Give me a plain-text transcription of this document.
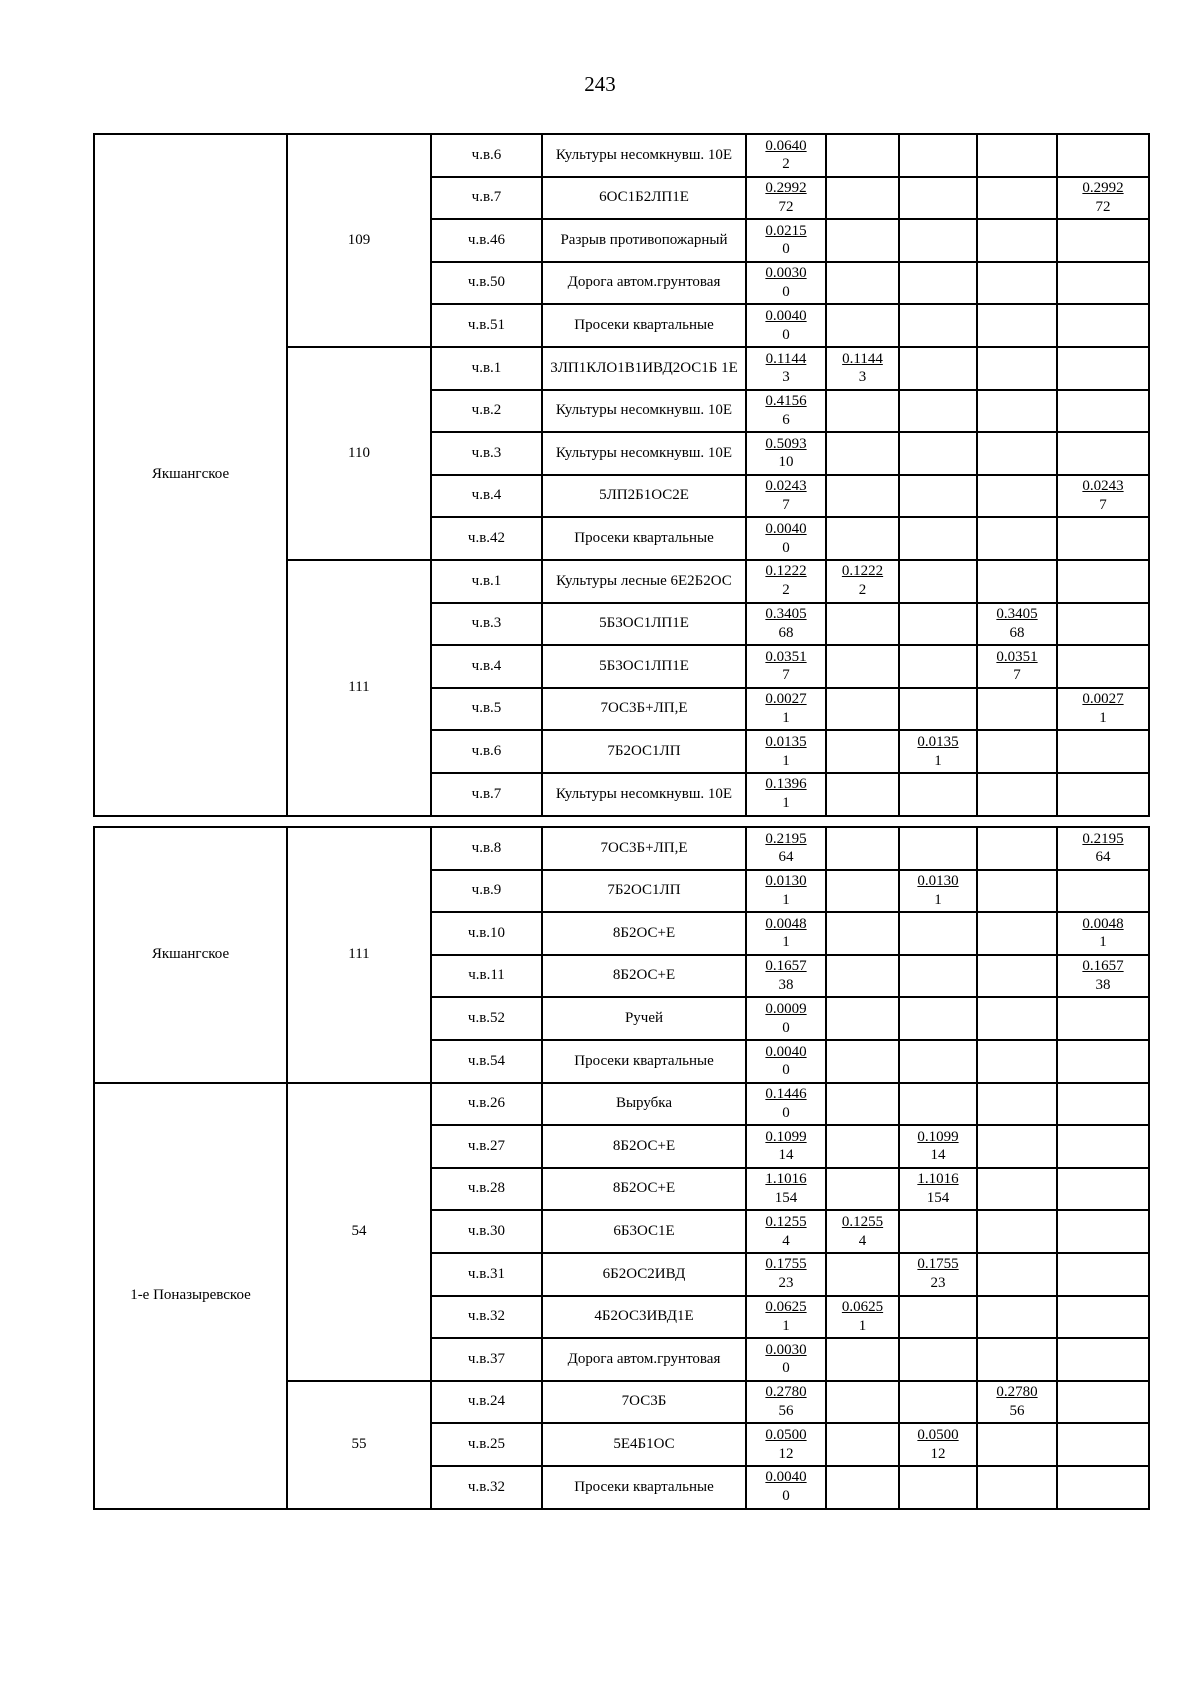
243
Якшангское	109	ч.в.6	Культуры несомкнувш. 10Е	$\frac{0.0640}{2}$

		ч.в.7	6ОС1Б2ЛП1Е	$\frac{0.2992}{72}$				$\frac{0.2992}{72}$

		ч.в.46	Разрыв противопожарный	$\frac{0.0215}{0}$

		ч.в.50	Дорога автом.грунтовая	$\frac{0.0030}{0}$

		ч.в.51	Просеки квартальные	$\frac{0.0040}{0}$

	110	ч.в.1	3ЛП1КЛО1В1ИВД2ОС1Б 1Е	$\frac{0.1144}{3}$	$\frac{0.1144}{3}$

		ч.в.2	Культуры несомкнувш. 10Е	$\frac{0.4156}{6}$

		ч.в.3	Культуры несомкнувш. 10Е	$\frac{0.5093}{10}$

		ч.в.4	5ЛП2Б1ОС2Е	$\frac{0.0243}{7}$				$\frac{0.0243}{7}$

		ч.в.42	Просеки квартальные	$\frac{0.0040}{0}$

	111	ч.в.1	Культуры лесные 6Е2Б2ОС	$\frac{0.1222}{2}$	$\frac{0.1222}{2}$

		ч.в.3	5Б3ОС1ЛП1Е	$\frac{0.3405}{68}$			$\frac{0.3405}{68}$

		ч.в.4	5Б3ОС1ЛП1Е	$\frac{0.0351}{7}$			$\frac{0.0351}{7}$

		ч.в.5	7ОС3Б+ЛП,Е	$\frac{0.0027}{1}$				$\frac{0.0027}{1}$

		ч.в.6	7Б2ОС1ЛП	$\frac{0.0135}{1}$		$\frac{0.0135}{1}$

		ч.в.7	Культуры несомкнувш. 10Е	$\frac{0.1396}{1}$

Якшангское	111	ч.в.8	7ОС3Б+ЛП,Е	$\frac{0.2195}{64}$				$\frac{0.2195}{64}$

		ч.в.9	7Б2ОС1ЛП	$\frac{0.0130}{1}$		$\frac{0.0130}{1}$

		ч.в.10	8Б2ОС+Е	$\frac{0.0048}{1}$				$\frac{0.0048}{1}$

		ч.в.11	8Б2ОС+Е	$\frac{0.1657}{38}$				$\frac{0.1657}{38}$

		ч.в.52	Ручей	$\frac{0.0009}{0}$

		ч.в.54	Просеки квартальные	$\frac{0.0040}{0}$

1-е Поназыревское	54	ч.в.26	Вырубка	$\frac{0.1446}{0}$

		ч.в.27	8Б2ОС+Е	$\frac{0.1099}{14}$		$\frac{0.1099}{14}$

		ч.в.28	8Б2ОС+Е	$\frac{1.1016}{154}$		$\frac{1.1016}{154}$

		ч.в.30	6Б3ОС1Е	$\frac{0.1255}{4}$	$\frac{0.1255}{4}$

		ч.в.31	6Б2ОС2ИВД	$\frac{0.1755}{23}$		$\frac{0.1755}{23}$

		ч.в.32	4Б2ОС3ИВД1Е	$\frac{0.0625}{1}$	$\frac{0.0625}{1}$

		ч.в.37	Дорога автом.грунтовая	$\frac{0.0030}{0}$

	55	ч.в.24	7ОС3Б	$\frac{0.2780}{56}$			$\frac{0.2780}{56}$

		ч.в.25	5Е4Б1ОС	$\frac{0.0500}{12}$		$\frac{0.0500}{12}$

		ч.в.32	Просеки квартальные	$\frac{0.0040}{0}$
